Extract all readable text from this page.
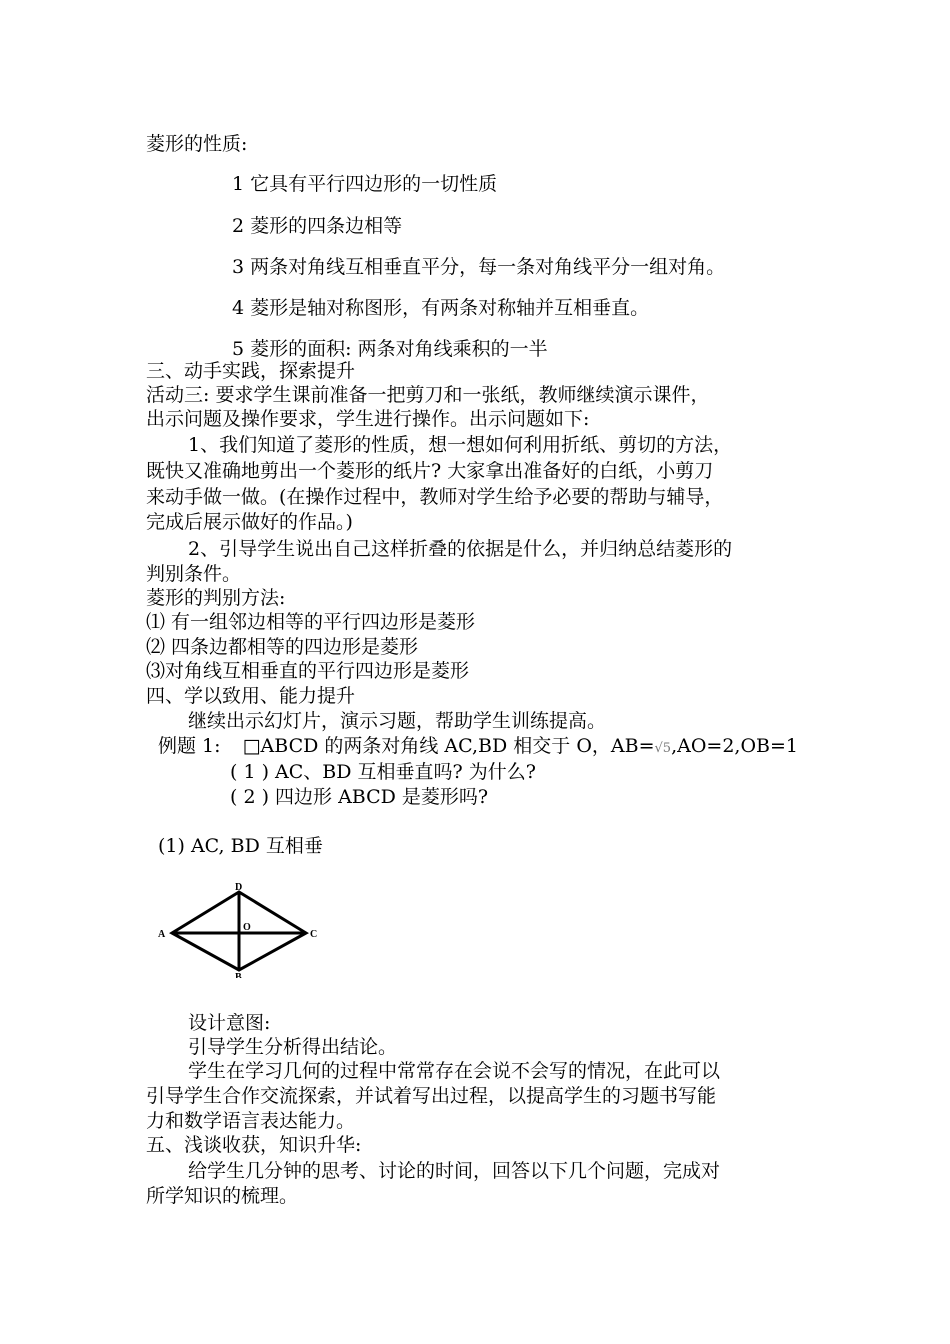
菱形的性质:
1 它具有平行四边形的一切性质
2 菱形的四条边相等
3 两条对角线互相垂直平分，每一条对角线平分一组对角。
4 菱形是轴对称图形，有两条对称轴并互相垂直。
5 菱形的面积: 两条对角线乘积的一半
三、动手实践，探索提升
活动三: 要求学生课前准备一把剪刀和一张纸，教师继续演示课件，
出示问题及操作要求，学生进行操作。出示问题如下:
1、我们知道了菱形的性质，想一想如何利用折纸、剪切的方法，
既快又准确地剪出一个菱形的纸片? 大家拿出准备好的白纸，小剪刀
来动手做一做。(在操作过程中，教师对学生给予必要的帮助与辅导，
完成后展示做好的作品。)
2、引导学生说出自己这样折叠的依据是什么，并归纳总结菱形的
判别条件。
菱形的判别方法:
⑴ 有一组邻边相等的平行四边形是菱形
⑵ 四条边都相等的四边形是菱形
⑶对角线互相垂直的平行四边形是菱形
四、学以致用、能力提升
继续出示幻灯片，演示习题，帮助学生训练提高。
例题 1: □ABCD 的两条对角线 AC,BD 相交于 O，AB=√5,AO=2,OB=1
( 1 ) AC、BD 互相垂直吗? 为什么?
( 2 ) 四边形 ABCD 是菱形吗?
(1) AC, BD 互相垂
D
A	C
O
B
设计意图:
引导学生分析得出结论。
学生在学习几何的过程中常常存在会说不会写的情况，在此可以
引导学生合作交流探索，并试着写出过程，以提高学生的习题书写能
力和数学语言表达能力。
五、浅谈收获，知识升华:
给学生几分钟的思考、讨论的时间，回答以下几个问题，完成对
所学知识的梳理。
